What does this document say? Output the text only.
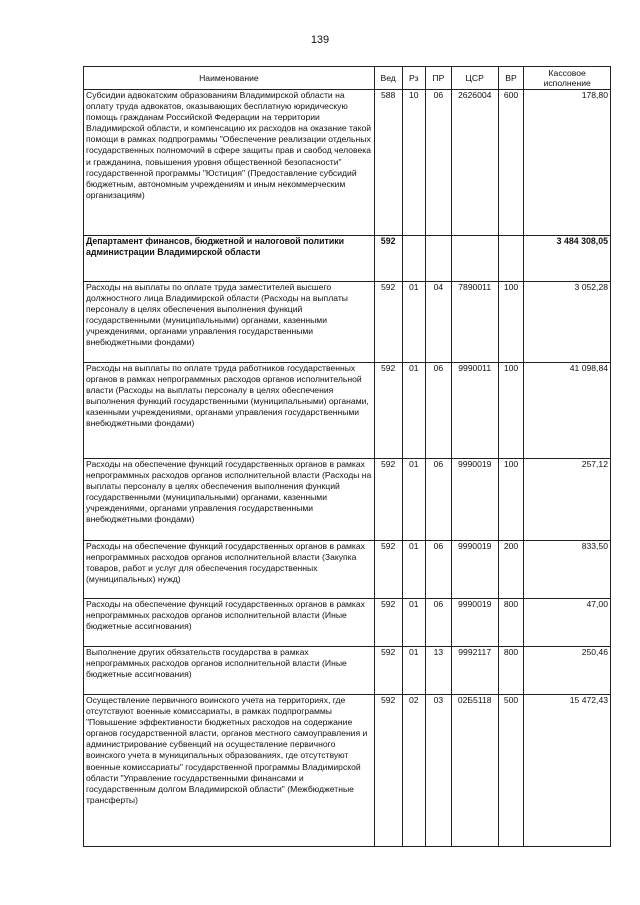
139
Наименование	Вед	Рз	ПР	ЦСР	ВР	Кассовое исполнение
Субсидии адвокатским образованиям Владимирской области на оплату труда адвокатов, оказывающих бесплатную юридическую помощь гражданам Российской Федерации на территории Владимирской области, и компенсацию их расходов на оказание такой помощи в рамках подпрограммы "Обеспечение реализации отдельных государственных полномочий в сфере защиты прав и свобод человека и гражданина, повышения уровня общественной безопасности" государственной программы "Юстиция" (Предоставление субсидий бюджетным, автономным учреждениям и иным некоммерческим организациям)	588	10	06	2626004	600	178,80
Департамент финансов, бюджетной и налоговой политики администрации Владимирской области	592					3 484 308,05
Расходы на выплаты по оплате труда заместителей высшего должностного лица Владимирской области (Расходы на выплаты персоналу в целях обеспечения выполнения функций государственными (муниципальными) органами, казенными учреждениями, органами управления государственными внебюджетными фондами)	592	01	04	7890011	100	3 052,28
Расходы на выплаты по оплате труда работников государственных органов в рамках непрограммных расходов органов исполнительной власти (Расходы на выплаты персоналу в целях обеспечения выполнения функций государственными (муниципальными) органами, казенными учреждениями, органами управления государственными внебюджетными фондами)	592	01	06	9990011	100	41 098,84
Расходы на обеспечение функций государственных органов в рамках непрограммных расходов органов исполнительной власти (Расходы на выплаты персоналу в целях обеспечения выполнения функций государственными (муниципальными) органами, казенными учреждениями, органами управления государственными внебюджетными фондами)	592	01	06	9990019	100	257,12
Расходы на обеспечение функций государственных органов в рамках непрограммных расходов органов исполнительной власти (Закупка товаров, работ и услуг для обеспечения государственных (муниципальных) нужд)	592	01	06	9990019	200	833,50
Расходы на обеспечение функций государственных органов в рамках непрограммных расходов органов исполнительной власти (Иные бюджетные ассигнования)	592	01	06	9990019	800	47,00
Выполнение других обязательств государства в рамках непрограммных расходов органов исполнительной власти (Иные бюджетные ассигнования)	592	01	13	9992117	800	250,46
Осуществление первичного воинского учета на территориях, где отсутствуют военные комиссариаты, в рамках подпрограммы "Повышение эффективности бюджетных расходов на содержание органов государственной власти, органов местного самоуправления и администрирование субвенций на осуществление первичного воинского учета в муниципальных образованиях, где отсутствуют военные комиссариаты" государственной программы Владимирской области "Управление государственными финансами и государственным долгом Владимирской области" (Межбюджетные трансферты)	592	02	03	02Б5118	500	15 472,43
